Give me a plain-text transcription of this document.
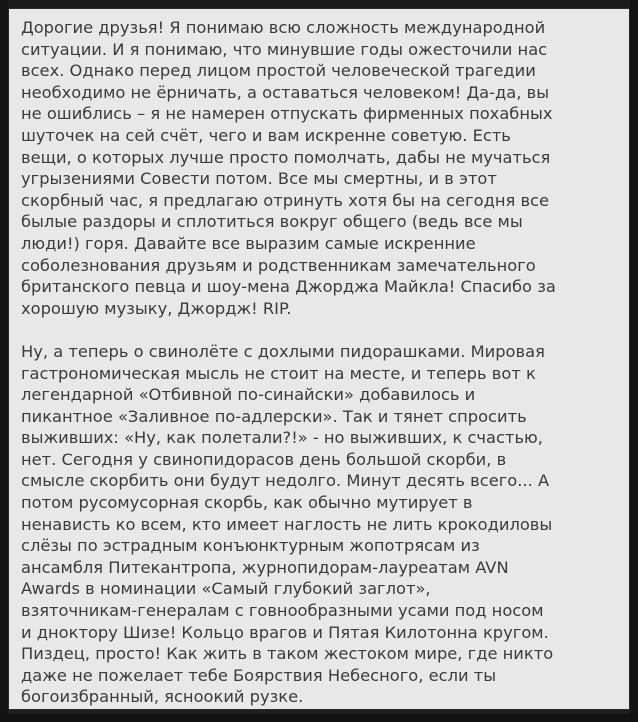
Дорогие друзья! Я понимаю всю сложность международной
ситуации. И я понимаю, что минувшие годы ожесточили нас
всех. Однако перед лицом простой человеческой трагедии
необходимо не ёрничать, а оставаться человеком! Да-да, вы
не ошиблись – я не намерен отпускать фирменных похабных
шуточек на сей счёт, чего и вам искренне советую. Есть
вещи, о которых лучше просто помолчать, дабы не мучаться
угрызениями Совести потом. Все мы смертны, и в этот
скорбный час, я предлагаю отринуть хотя бы на сегодня все
былые раздоры и сплотиться вокруг общего (ведь все мы
люди!) горя. Давайте все выразим самые искренние
соболезнования друзьям и родственникам замечательного
британского певца и шоу-мена Джорджа Майкла! Спасибо за
хорошую музыку, Джордж! RIP.

Ну, а теперь о свинолёте с дохлыми пидорашками. Мировая
гастрономическая мысль не стоит на месте, и теперь вот к
легендарной «Отбивной по-синайски» добавилось и
пикантное «Заливное по-адлерски». Так и тянет спросить
выживших: «Ну, как полетали?!» - но выживших, к счастью,
нет. Сегодня у свинопидорасов день большой скорби, в
смысле скорбить они будут недолго. Минут десять всего... А
потом русомусорная скорбь, как обычно мутирует в
ненависть ко всем, кто имеет наглость не лить крокодиловы
слёзы по эстрадным конъюнктурным жопотрясам из
ансамбля Питекантропа, журнопидорам-лауреатам AVN
Awards в номинации «Самый глубокий заглот»,
взяточникам-генералам с говнообразными усами под носом
и днoктору Шизе! Кольцо врагов и Пятая Килотонна кругом.
Пиздец, просто! Как жить в таком жестоком мире, где никто
даже не пожелает тебе Боярствия Небесного, если ты
богоизбранный, ясноокий рузке.
